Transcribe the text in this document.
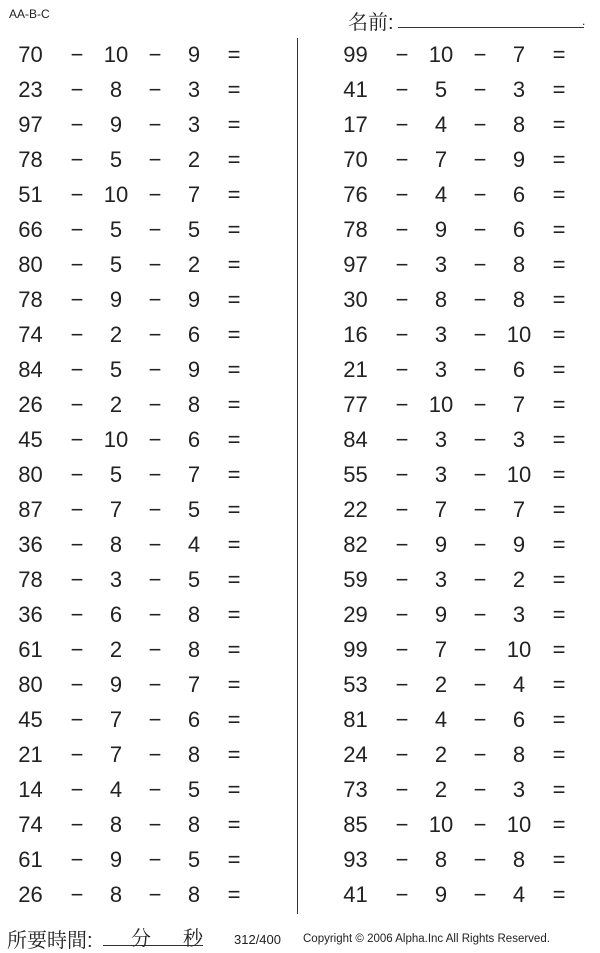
AA-B-C	名前:	.
70	− 10 −	9	=
23	−	8	−	3	=
97	−	9	−	3	=
78	−	5	−	2	=
51	− 10 −	7	=
66	−	5	−	5	=
80	−	5	−	2	=
78	−	9	−	9	=
74	−	2	−	6	=
84	−	5	−	9	=
26	−	2	−	8	=
45	− 10 −	6	=
80	−	5	−	7	=
87	−	7	−	5	=
36	−	8	−	4	=
78	−	3	−	5	=
36	−	6	−	8	=
61	−	2	−	8	=
80	−	9	−	7	=
45	−	7	−	6	=
21	−	7	−	8	=
14	−	4	−	5	=
74	−	8	−	8	=
61	−	9	−	5	=
26	−	8	−	8	=
99	− 10 −	7	=
41	−	5	−	3	=
17	−	4	−	8	=
70	−	7	−	9	=
76	−	4	−	6	=
78	−	9	−	6	=
97	−	3	−	8	=
30	−	8	−	8	=
16	−	3	− 10 =
21	−	3	−	6	=
77	− 10 −	7	=
84	−	3	−	3	=
55	−	3	− 10 =
22	−	7	−	7	=
82	−	9	−	9	=
59	−	3	−	2	=
29	−	9	−	3	=
99	−	7	− 10 =
53	−	2	−	4	=
81	−	4	−	6	=
24	−	2	−	8	=
73	−	2	−	3	=
85	− 10 − 10 =
93	−	8	−	8	=
41	−	9	−	4	=
所要時間: 分 秒 312/400 Copyright © 2006 Alpha.Inc All Rights Reserved.
